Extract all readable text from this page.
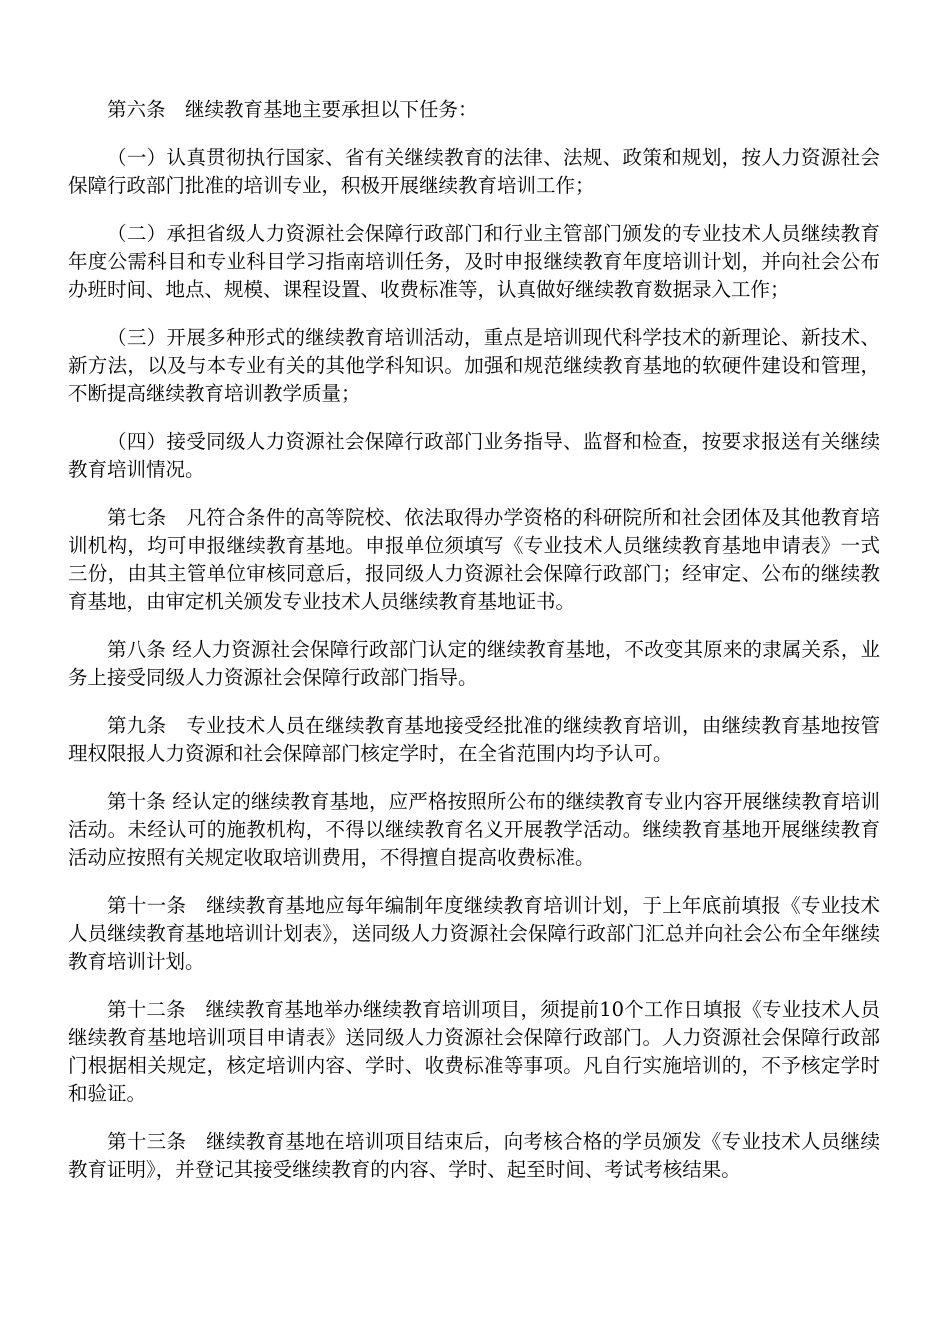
第六条　继续教育基地主要承担以下任务：

（一）认真贯彻执行国家、省有关继续教育的法律、法规、政策和规划，按人力资源社会保障行政部门批准的培训专业，积极开展继续教育培训工作；

（二）承担省级人力资源社会保障行政部门和行业主管部门颁发的专业技术人员继续教育年度公需科目和专业科目学习指南培训任务，及时申报继续教育年度培训计划，并向社会公布办班时间、地点、规模、课程设置、收费标准等，认真做好继续教育数据录入工作；

（三）开展多种形式的继续教育培训活动，重点是培训现代科学技术的新理论、新技术、新方法，以及与本专业有关的其他学科知识。加强和规范继续教育基地的软硬件建设和管理，不断提高继续教育培训教学质量；

（四）接受同级人力资源社会保障行政部门业务指导、监督和检查，按要求报送有关继续教育培训情况。

第七条　凡符合条件的高等院校、依法取得办学资格的科研院所和社会团体及其他教育培训机构，均可申报继续教育基地。申报单位须填写《专业技术人员继续教育基地申请表》一式三份，由其主管单位审核同意后，报同级人力资源社会保障行政部门；经审定、公布的继续教育基地，由审定机关颁发专业技术人员继续教育基地证书。

第八条 经人力资源社会保障行政部门认定的继续教育基地，不改变其原来的隶属关系，业务上接受同级人力资源社会保障行政部门指导。

第九条　专业技术人员在继续教育基地接受经批准的继续教育培训，由继续教育基地按管理权限报人力资源和社会保障部门核定学时，在全省范围内均予认可。

第十条 经认定的继续教育基地，应严格按照所公布的继续教育专业内容开展继续教育培训活动。未经认可的施教机构，不得以继续教育名义开展教学活动。继续教育基地开展继续教育活动应按照有关规定收取培训费用，不得擅自提高收费标准。

第十一条　继续教育基地应每年编制年度继续教育培训计划，于上年底前填报《专业技术人员继续教育基地培训计划表》，送同级人力资源社会保障行政部门汇总并向社会公布全年继续教育培训计划。

第十二条　继续教育基地举办继续教育培训项目，须提前10个工作日填报《专业技术人员继续教育基地培训项目申请表》送同级人力资源社会保障行政部门。人力资源社会保障行政部门根据相关规定，核定培训内容、学时、收费标准等事项。凡自行实施培训的，不予核定学时和验证。

第十三条　继续教育基地在培训项目结束后，向考核合格的学员颁发《专业技术人员继续教育证明》，并登记其接受继续教育的内容、学时、起至时间、考试考核结果。
